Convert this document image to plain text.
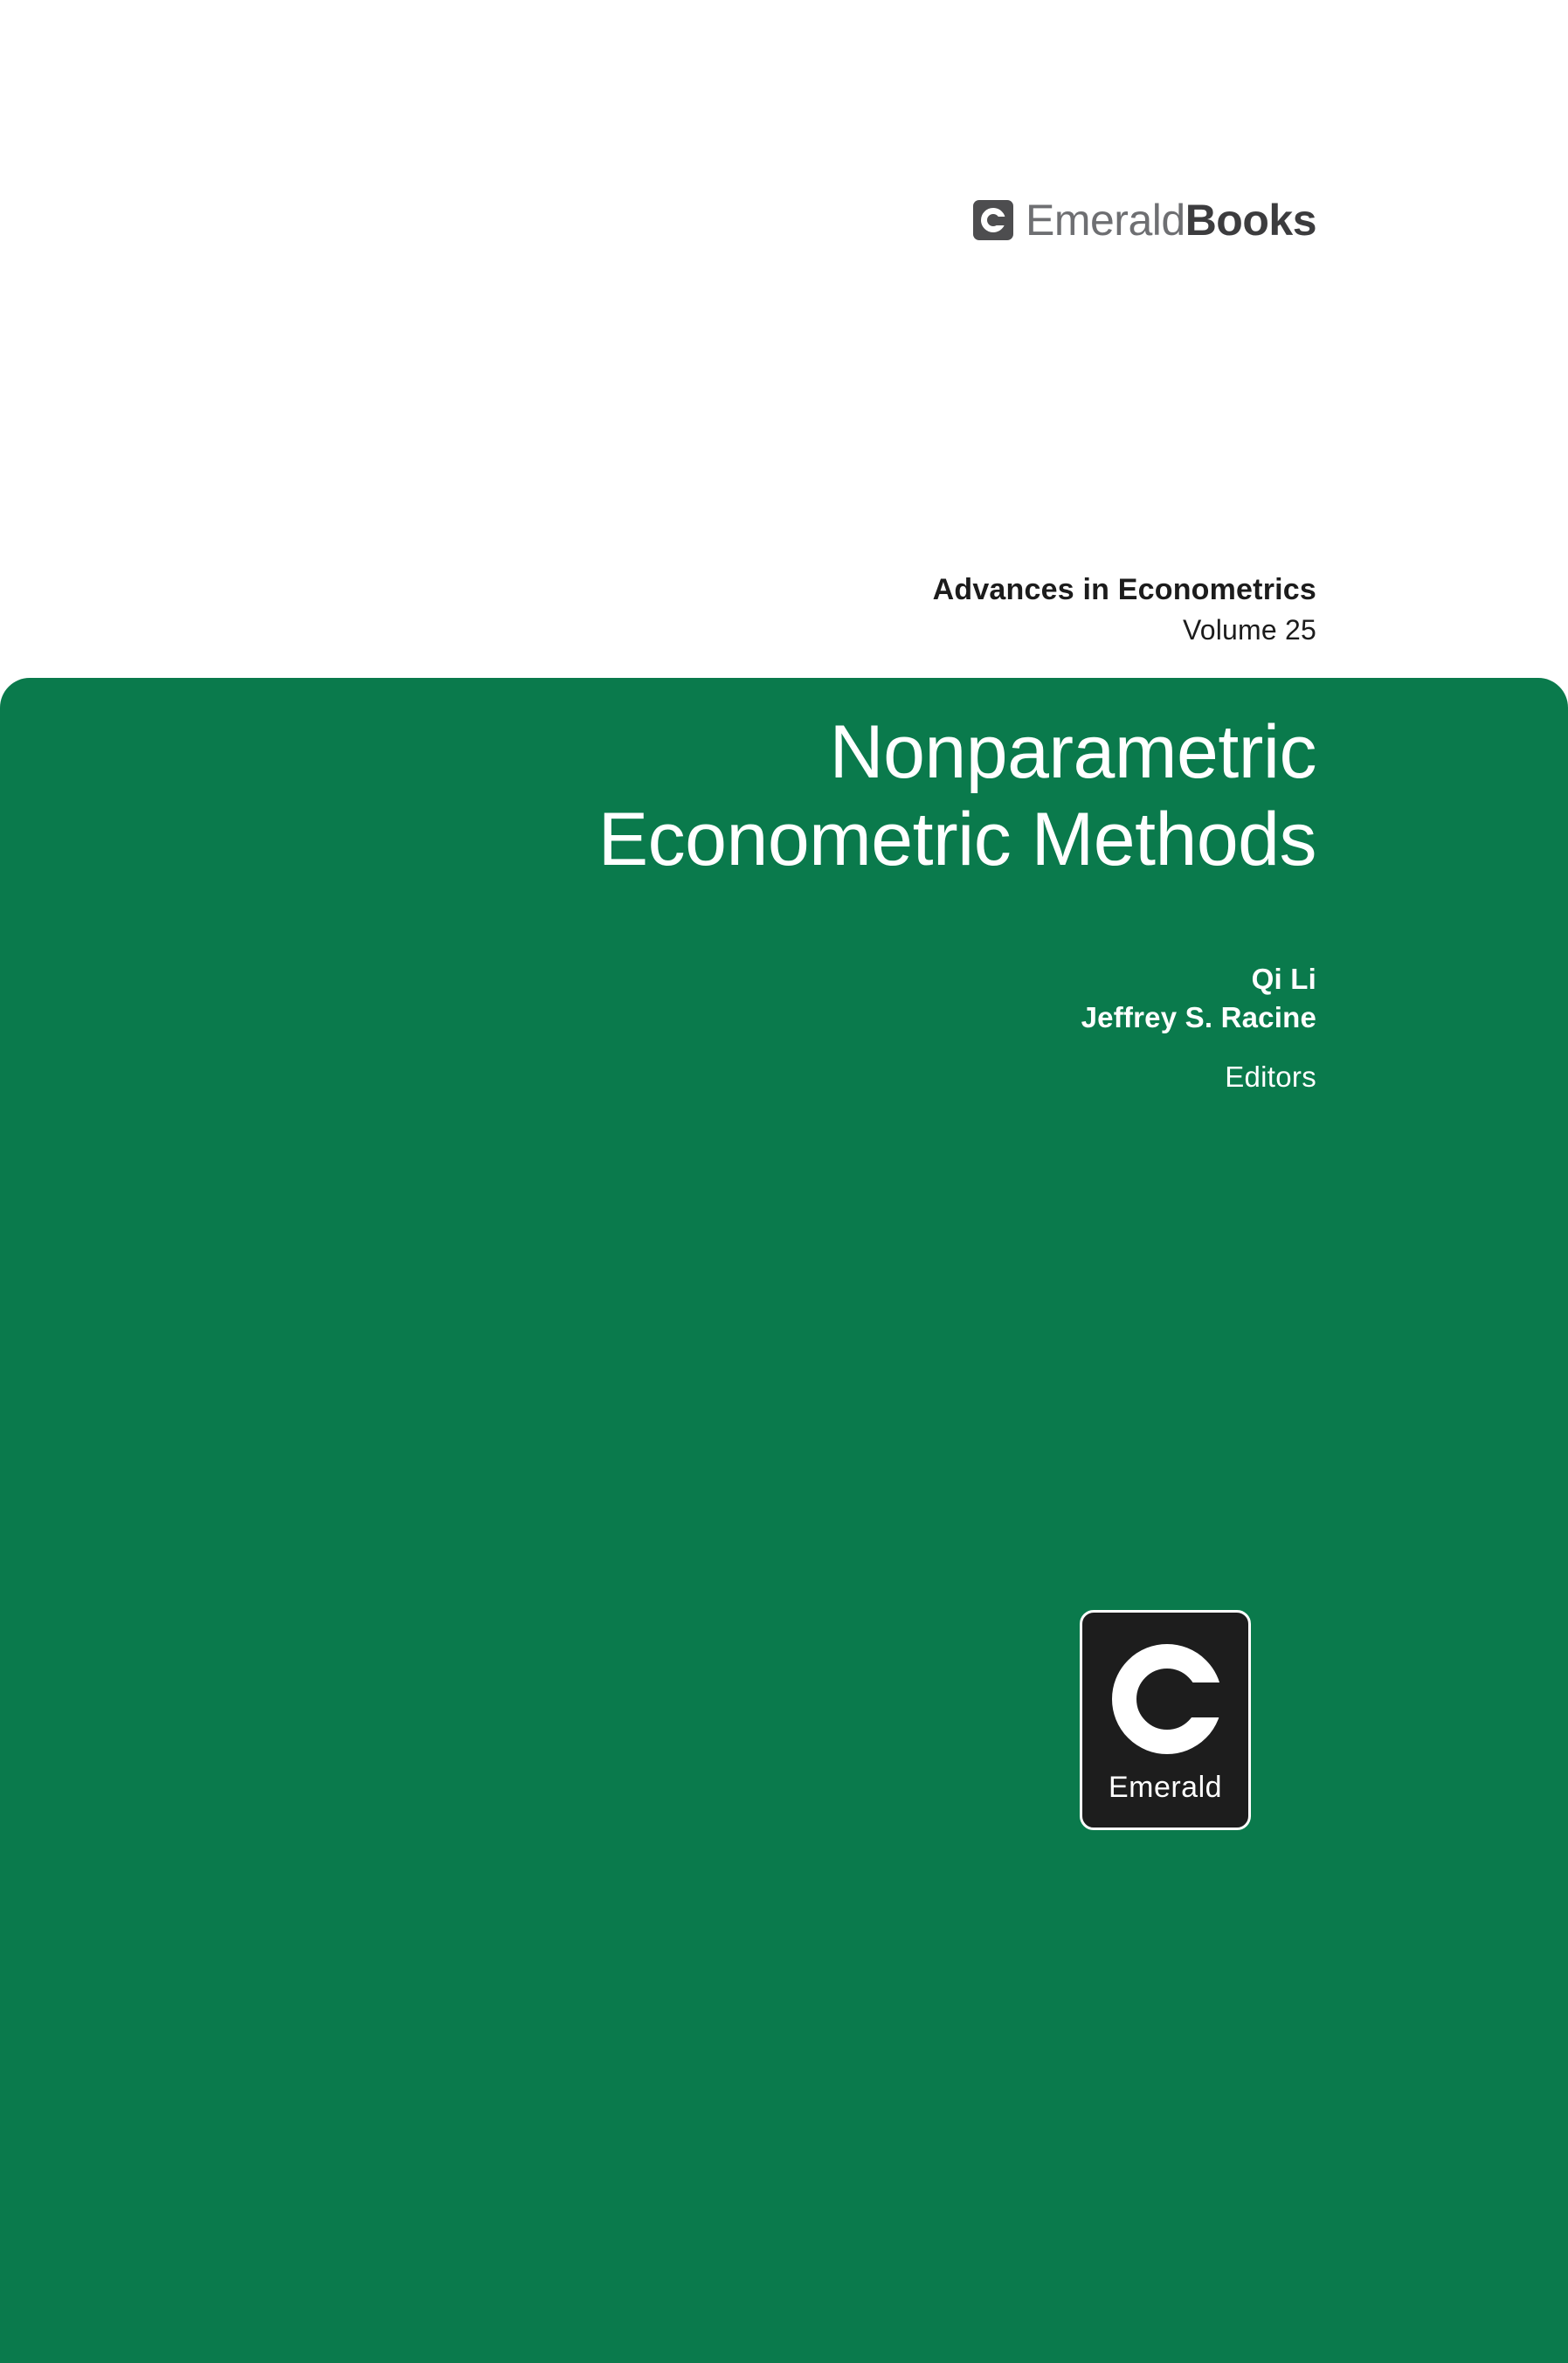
EmeraldBooks
Advances in Econometrics
Volume 25
Nonparametric
Econometric Methods
Qi Li
Jeffrey S. Racine
Editors
Emerald
